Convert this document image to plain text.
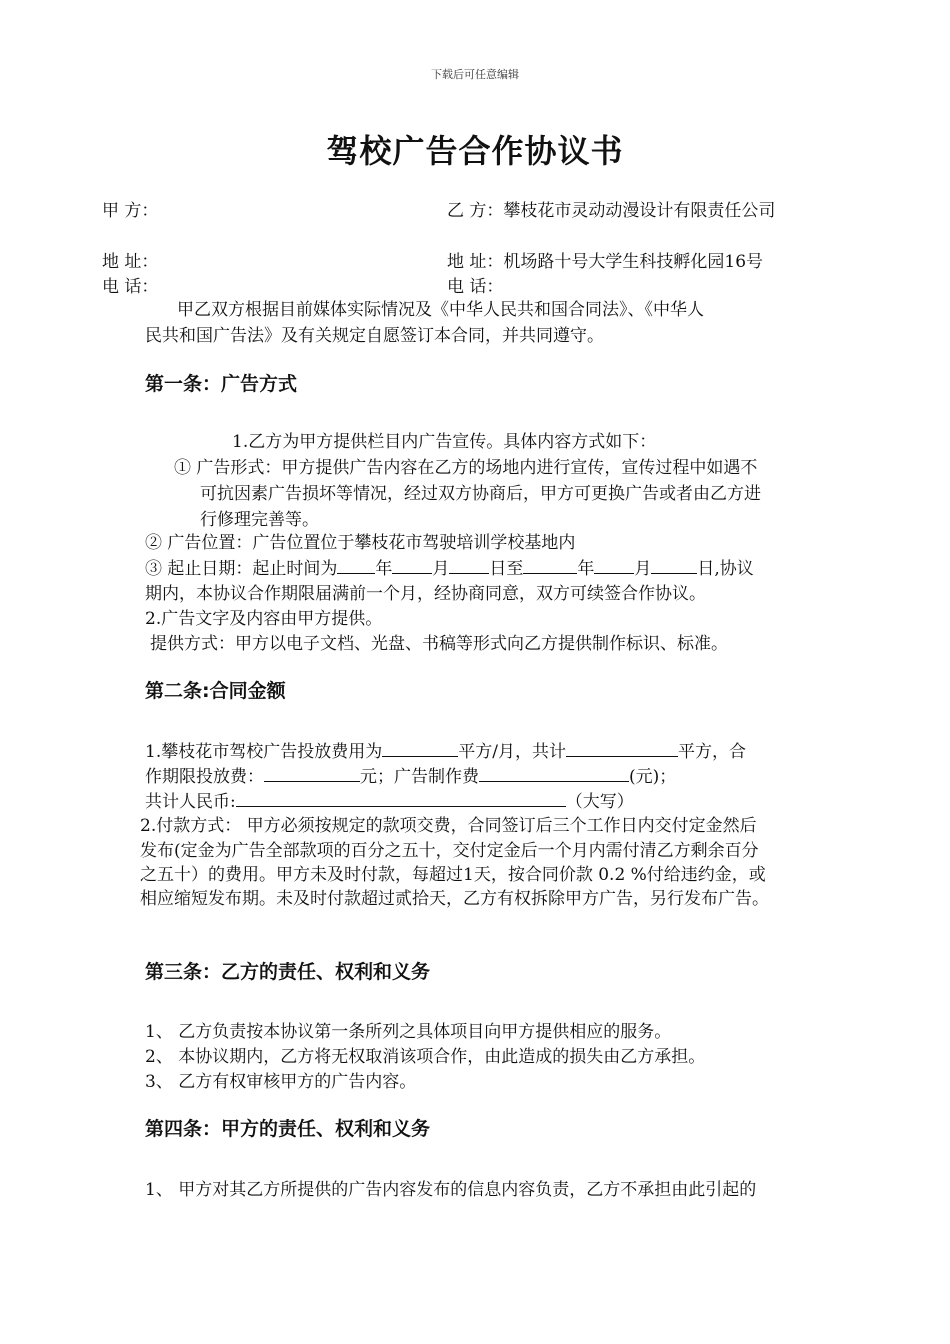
下载后可任意编辑
驾校广告合作协议书
甲 方：	乙 方：攀枝花市灵动动漫设计有限责任公司
地 址：	地 址：机场路十号大学生科技孵化园16号
电 话：	电 话：
甲乙双方根据目前媒体实际情况及《中华人民共和国合同法》、《中华人
民共和国广告法》及有关规定自愿签订本合同，并共同遵守。
第一条：广告方式
1.乙方为甲方提供栏目内广告宣传。具体内容方式如下：
① 广告形式：甲方提供广告内容在乙方的场地内进行宣传，宣传过程中如遇不
可抗因素广告损坏等情况，经过双方协商后，甲方可更换广告或者由乙方进
行修理完善等。
② 广告位置：广告位置位于攀枝花市驾驶培训学校基地内
③ 起止日期：起止时间为 年 月 日至	年 月	日,协议
期内，本协议合作期限届满前一个月，经协商同意，双方可续签合作协议。
2.广告文字及内容由甲方提供。
提供方式：甲方以电子文档、光盘、书稿等形式向乙方提供制作标识、标准。
第二条:合同金额
1.攀枝花市驾校广告投放费用为	平方/月，共计	平方，合
作期限投放费：	元；广告制作费	(元)；
共计人民币:	（大写）
2.付款方式： 甲方必须按规定的款项交费，合同签订后三个工作日内交付定金然后
发布(定金为广告全部款项的百分之五十，交付定金后一个月内需付清乙方剩余百分
之五十）的费用。甲方未及时付款，每超过1天，按合同价款 0.2 %付给违约金，或
相应缩短发布期。未及时付款超过贰拾天，乙方有权拆除甲方广告，另行发布广告。
第三条：乙方的责任、权利和义务
1、 乙方负责按本协议第一条所列之具体项目向甲方提供相应的服务。
2、 本协议期内，乙方将无权取消该项合作，由此造成的损失由乙方承担。
3、 乙方有权审核甲方的广告内容。
第四条：甲方的责任、权利和义务
1、 甲方对其乙方所提供的广告内容发布的信息内容负责，乙方不承担由此引起的
